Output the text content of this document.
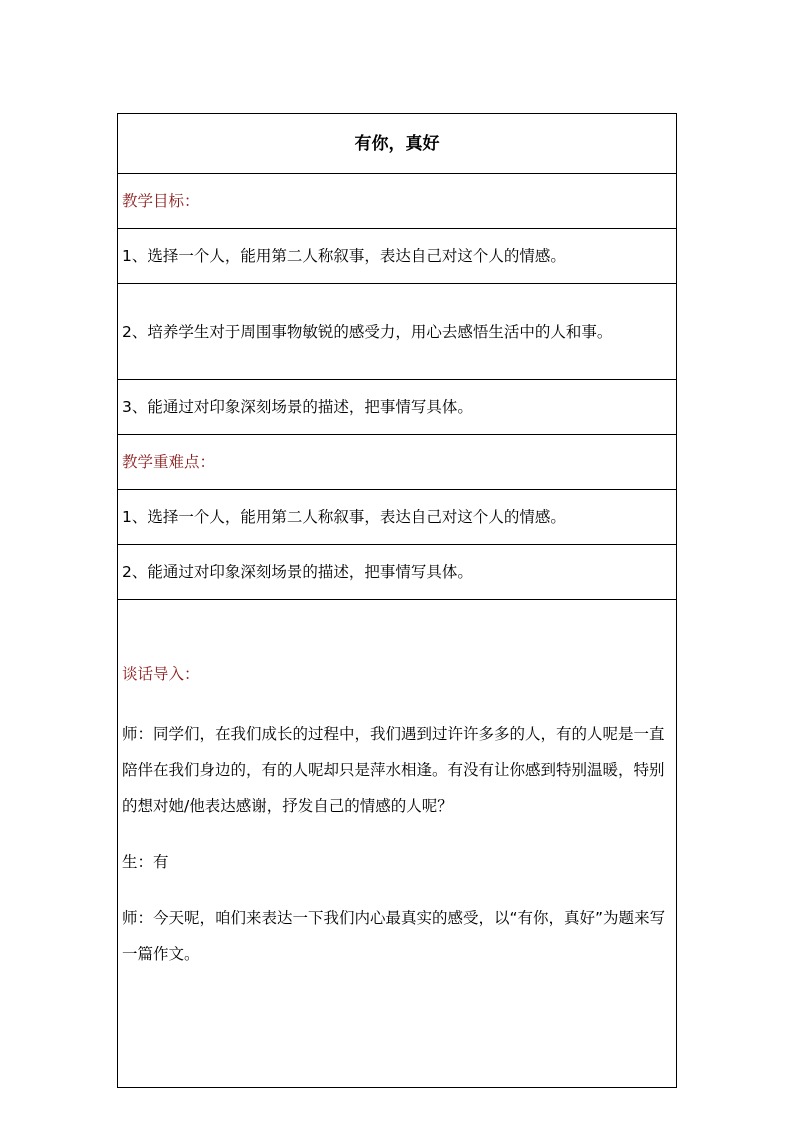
有你，真好
教学目标：
1、选择一个人，能用第二人称叙事，表达自己对这个人的情感。
2、培养学生对于周围事物敏锐的感受力，用心去感悟生活中的人和事。
3、能通过对印象深刻场景的描述，把事情写具体。
教学重难点：
1、选择一个人，能用第二人称叙事，表达自己对这个人的情感。
2、能通过对印象深刻场景的描述，把事情写具体。

谈话导入：

师：同学们，在我们成长的过程中，我们遇到过许许多多的人，有的人呢是一直陪伴在我们身边的，有的人呢却只是萍水相逢。有没有让你感到特别温暖，特别的想对她/他表达感谢，抒发自己的情感的人呢？

生：有

师：今天呢，咱们来表达一下我们内心最真实的感受，以“有你，真好”为题来写一篇作文。
